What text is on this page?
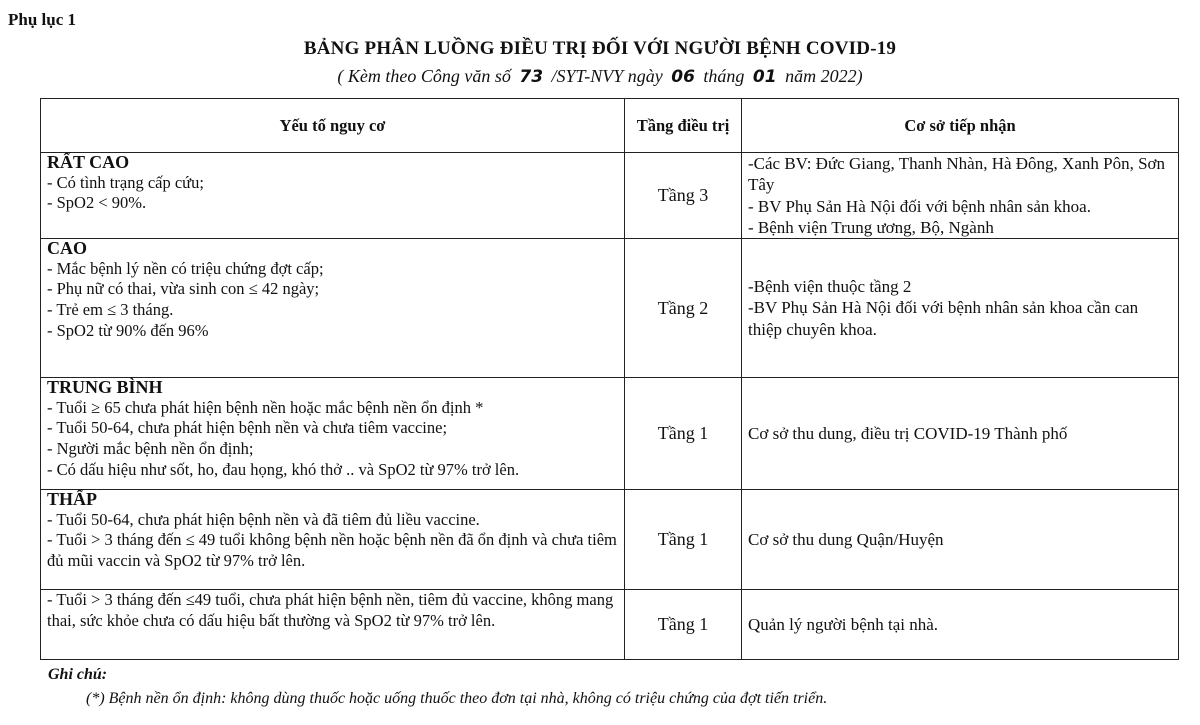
Phụ lục 1
BẢNG PHÂN LUỒNG ĐIỀU TRỊ ĐỐI VỚI NGƯỜI BỆNH COVID-19
( Kèm theo Công văn số 73 /SYT-NVY ngày 06 tháng 01 năm 2022)
Yếu tố nguy cơ	Tầng điều trị	Cơ sở tiếp nhận

RẤT CAO
- Có tình trạng cấp cứu;
- SpO2 < 90%.	Tầng 3	-Các BV: Đức Giang, Thanh Nhàn, Hà Đông, Xanh Pôn, Sơn Tây
- BV Phụ Sản Hà Nội đối với bệnh nhân sản khoa.
- Bệnh viện Trung ương, Bộ, Ngành

CAO
- Mắc bệnh lý nền có triệu chứng đợt cấp;
- Phụ nữ có thai, vừa sinh con ≤ 42 ngày;
- Trẻ em ≤ 3 tháng.
- SpO2 từ 90% đến 96%	Tầng 2	-Bệnh viện thuộc tầng 2
-BV Phụ Sản Hà Nội đối với bệnh nhân sản khoa cần can thiệp chuyên khoa.

TRUNG BÌNH
- Tuổi ≥ 65 chưa phát hiện bệnh nền hoặc mắc bệnh nền ổn định *
- Tuổi 50-64, chưa phát hiện bệnh nền và chưa tiêm vaccine;
- Người mắc bệnh nền ổn định;
- Có dấu hiệu như sốt, ho, đau họng, khó thở .. và SpO2 từ 97% trở lên.	Tầng 1	Cơ sở thu dung, điều trị COVID-19 Thành phố

THẤP
- Tuổi 50-64, chưa phát hiện bệnh nền và đã tiêm đủ liều vaccine.
- Tuổi > 3 tháng đến ≤ 49 tuổi không bệnh nền hoặc bệnh nền đã ổn định và chưa tiêm đủ mũi vaccin và SpO2 từ 97% trở lên.	Tầng 1	Cơ sở thu dung Quận/Huyện

- Tuổi > 3 tháng đến ≤49 tuổi, chưa phát hiện bệnh nền, tiêm đủ vaccine, không mang thai, sức khỏe chưa có dấu hiệu bất thường và SpO2 từ 97% trở lên.	Tầng 1	Quản lý người bệnh tại nhà.
Ghi chú:
(*) Bệnh nền ổn định: không dùng thuốc hoặc uống thuốc theo đơn tại nhà, không có triệu chứng của đợt tiến triển.
